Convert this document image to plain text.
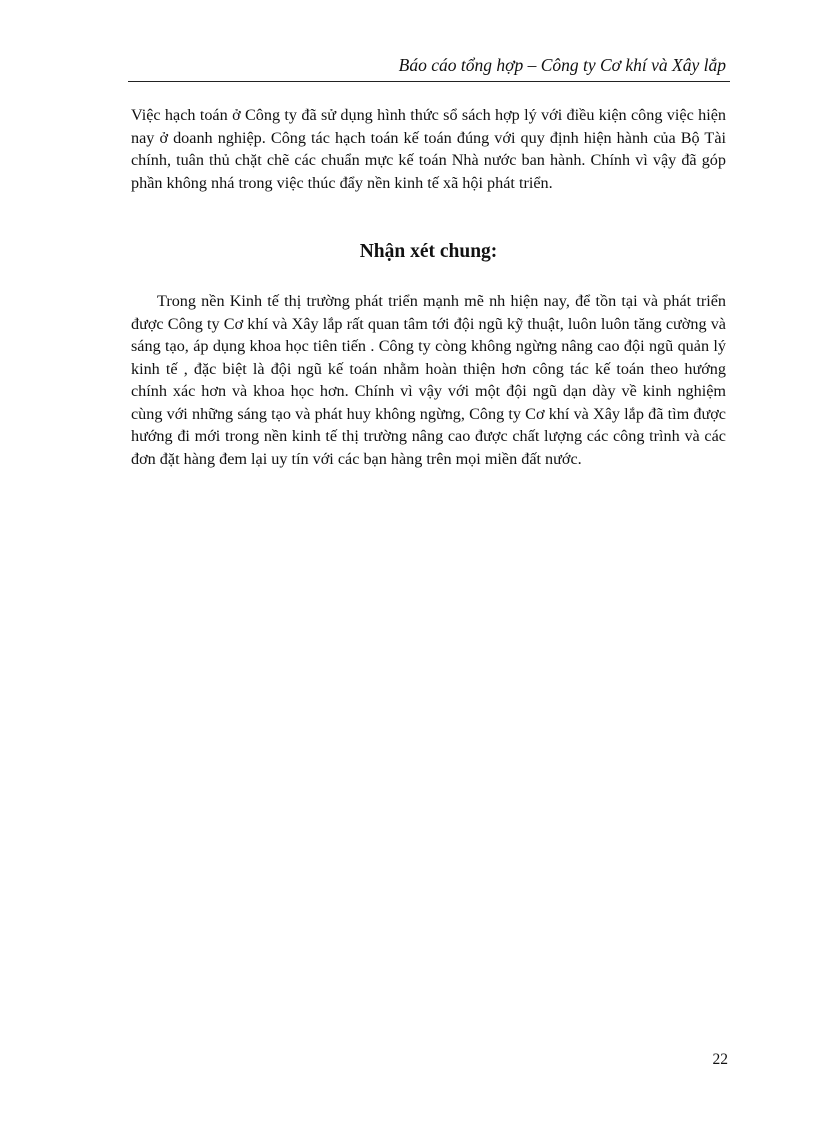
Báo cáo tổng hợp – Công ty Cơ khí và Xây lắp

Việc hạch toán ở Công ty đã sử dụng hình thức sổ sách hợp lý với điều kiện công việc hiện nay ở doanh nghiệp. Công tác hạch toán kế toán đúng với quy định hiện hành của Bộ Tài chính, tuân thủ chặt chẽ các chuẩn mực kế toán Nhà nước ban hành. Chính vì vậy đã góp phần không nhá trong việc thúc đẩy nền kinh tế xã hội phát triển.

Nhận xét chung:

Trong nền Kinh tế thị trường phát triển mạnh mẽ nh hiện nay, để tồn tại và phát triển được Công ty Cơ khí và Xây lắp rất quan tâm tới đội ngũ kỹ thuật, luôn luôn tăng cường và sáng tạo, áp dụng khoa học tiên tiến . Công ty còng không ngừng nâng cao đội ngũ quản lý kinh tế , đặc biệt là đội ngũ kế toán nhằm hoàn thiện hơn công tác kế toán theo hướng chính xác hơn và khoa học hơn. Chính vì vậy với một đội ngũ dạn dày về kinh nghiệm cùng với những sáng tạo và phát huy không ngừng, Công ty Cơ khí và Xây lắp đã tìm được hướng đi mới trong nền kinh tế thị trường nâng cao được chất lượng các công trình và các đơn đặt hàng đem lại uy tín với các bạn hàng trên mọi miền đất nước.

22
